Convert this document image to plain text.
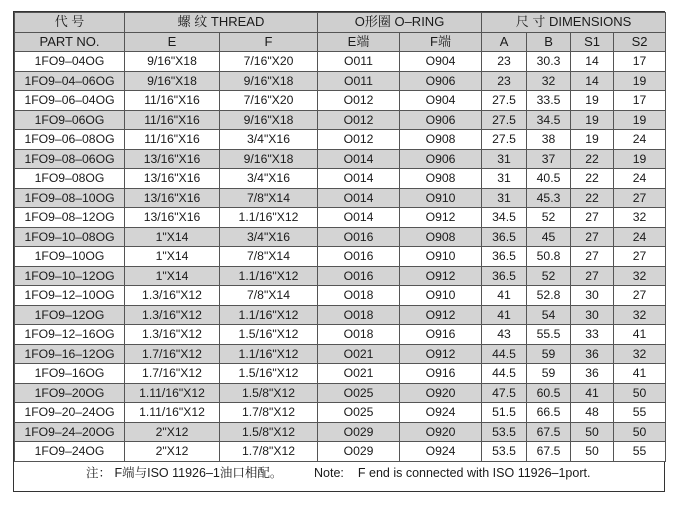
代 号	螺 纹 THREAD		O形圈 O–RING		尺 寸 DIMENSIONS			
PART NO.	E	F	E端	F端	A	B	S1	S2
1FO9–04OG	9/16"X18	7/16"X20	O011	O904	23	30.3	14	17
1FO9–04–06OG	9/16"X18	9/16"X18	O011	O906	23	32	14	19
1FO9–06–04OG	11/16"X16	7/16"X20	O012	O904	27.5	33.5	19	17
1FO9–06OG	11/16"X16	9/16"X18	O012	O906	27.5	34.5	19	19
1FO9–06–08OG	11/16"X16	3/4"X16	O012	O908	27.5	38	19	24
1FO9–08–06OG	13/16"X16	9/16"X18	O014	O906	31	37	22	19
1FO9–08OG	13/16"X16	3/4"X16	O014	O908	31	40.5	22	24
1FO9–08–10OG	13/16"X16	7/8"X14	O014	O910	31	45.3	22	27
1FO9–08–12OG	13/16"X16	1.1/16"X12	O014	O912	34.5	52	27	32
1FO9–10–08OG	1"X14	3/4"X16	O016	O908	36.5	45	27	24
1FO9–10OG	1"X14	7/8"X14	O016	O910	36.5	50.8	27	27
1FO9–10–12OG	1"X14	1.1/16"X12	O016	O912	36.5	52	27	32
1FO9–12–10OG	1.3/16"X12	7/8"X14	O018	O910	41	52.8	30	27
1FO9–12OG	1.3/16"X12	1.1/16"X12	O018	O912	41	54	30	32
1FO9–12–16OG	1.3/16"X12	1.5/16"X12	O018	O916	43	55.5	33	41
1FO9–16–12OG	1.7/16"X12	1.1/16"X12	O021	O912	44.5	59	36	32
1FO9–16OG	1.7/16"X12	1.5/16"X12	O021	O916	44.5	59	36	41
1FO9–20OG	1.11/16"X12	1.5/8"X12	O025	O920	47.5	60.5	41	50
1FO9–20–24OG	1.11/16"X12	1.7/8"X12	O025	O924	51.5	66.5	48	55
1FO9–24–20OG	2"X12	1.5/8"X12	O029	O920	53.5	67.5	50	50
1FO9–24OG	2"X12	1.7/8"X12	O029	O924	53.5	67.5	50	55
注： F端与ISO 11926–1油口相配。	Note: F end is connected with ISO 11926–1port.
